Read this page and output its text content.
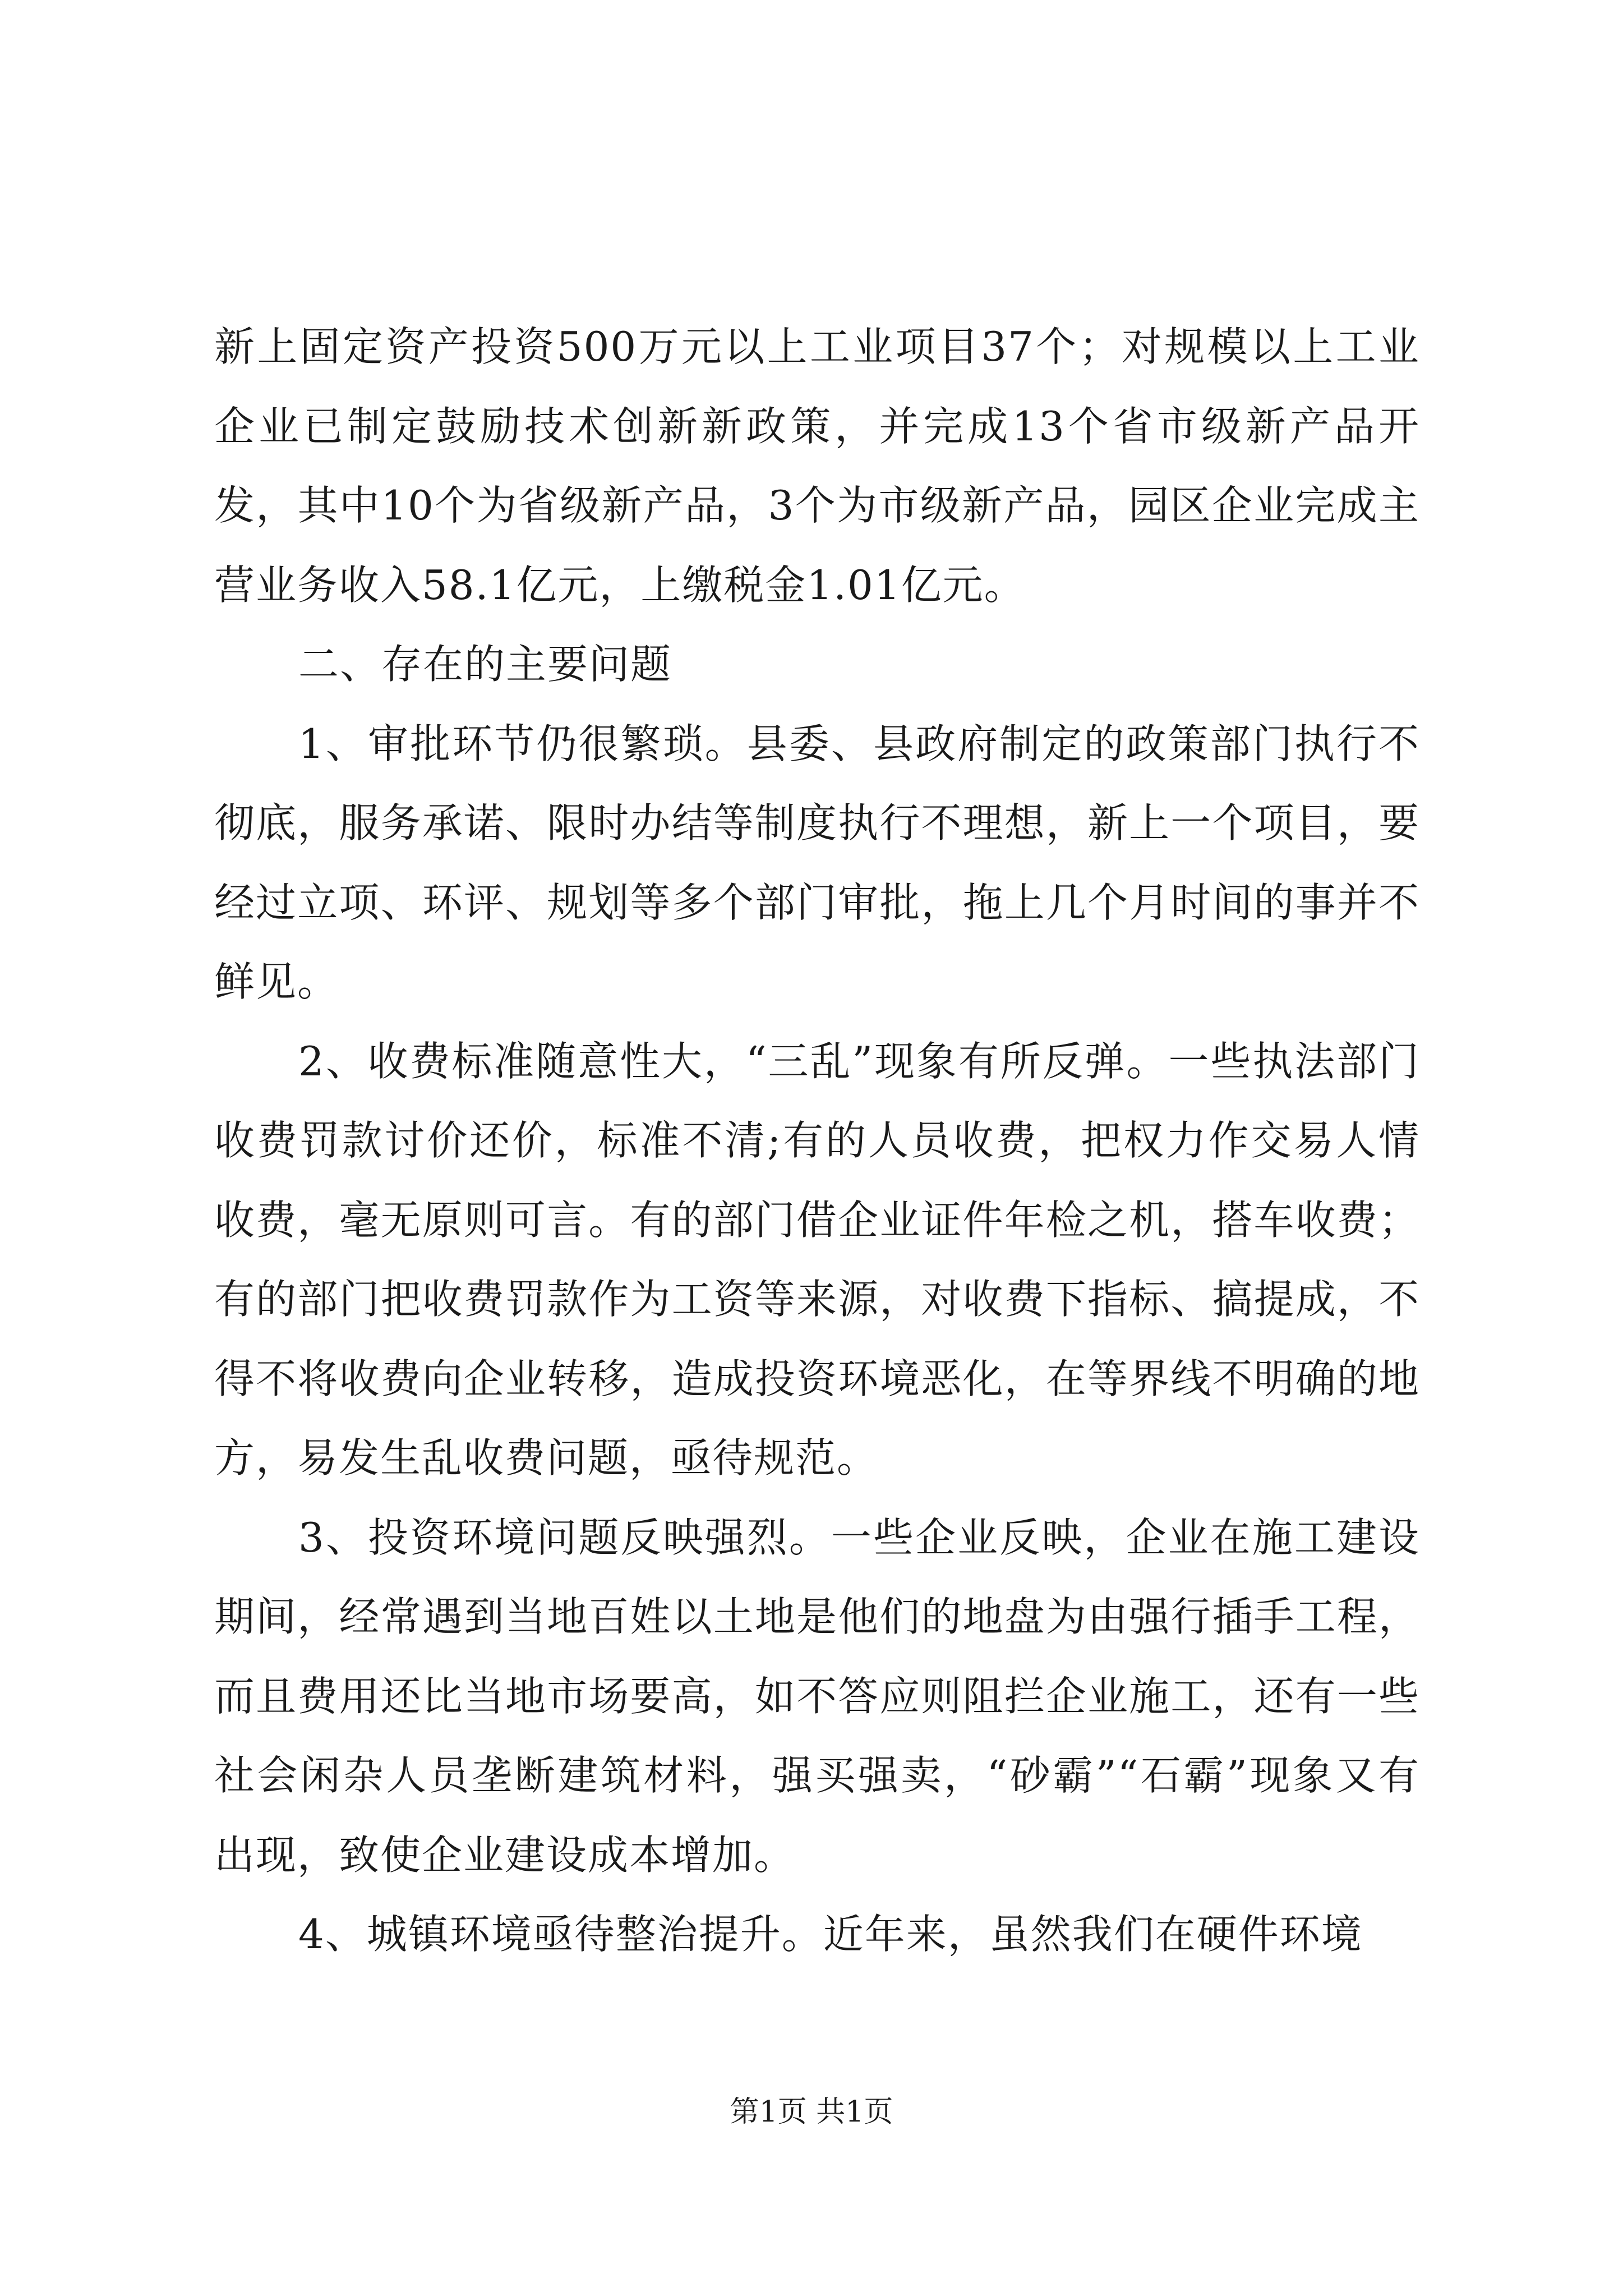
新上固定资产投资500万元以上工业项目37个；对规模以上工业企业已制定鼓励技术创新新政策，并完成13个省市级新产品开发，其中10个为省级新产品，3个为市级新产品，园区企业完成主营业务收入58.1亿元，上缴税金1.01亿元。

二、存在的主要问题

1、审批环节仍很繁琐。县委、县政府制定的政策部门执行不彻底，服务承诺、限时办结等制度执行不理想，新上一个项目，要经过立项、环评、规划等多个部门审批，拖上几个月时间的事并不鲜见。

2、收费标准随意性大，“三乱”现象有所反弹。一些执法部门收费罚款讨价还价，标准不清;有的人员收费，把权力作交易人情收费，毫无原则可言。有的部门借企业证件年检之机，搭车收费；有的部门把收费罚款作为工资等来源，对收费下指标、搞提成，不得不将收费向企业转移，造成投资环境恶化，在等界线不明确的地方，易发生乱收费问题，亟待规范。

3、投资环境问题反映强烈。一些企业反映，企业在施工建设期间，经常遇到当地百姓以土地是他们的地盘为由强行插手工程，而且费用还比当地市场要高，如不答应则阻拦企业施工，还有一些社会闲杂人员垄断建筑材料，强买强卖，“砂霸”“石霸”现象又有出现，致使企业建设成本增加。

4、城镇环境亟待整治提升。近年来，虽然我们在硬件环境

第1页 共1页
